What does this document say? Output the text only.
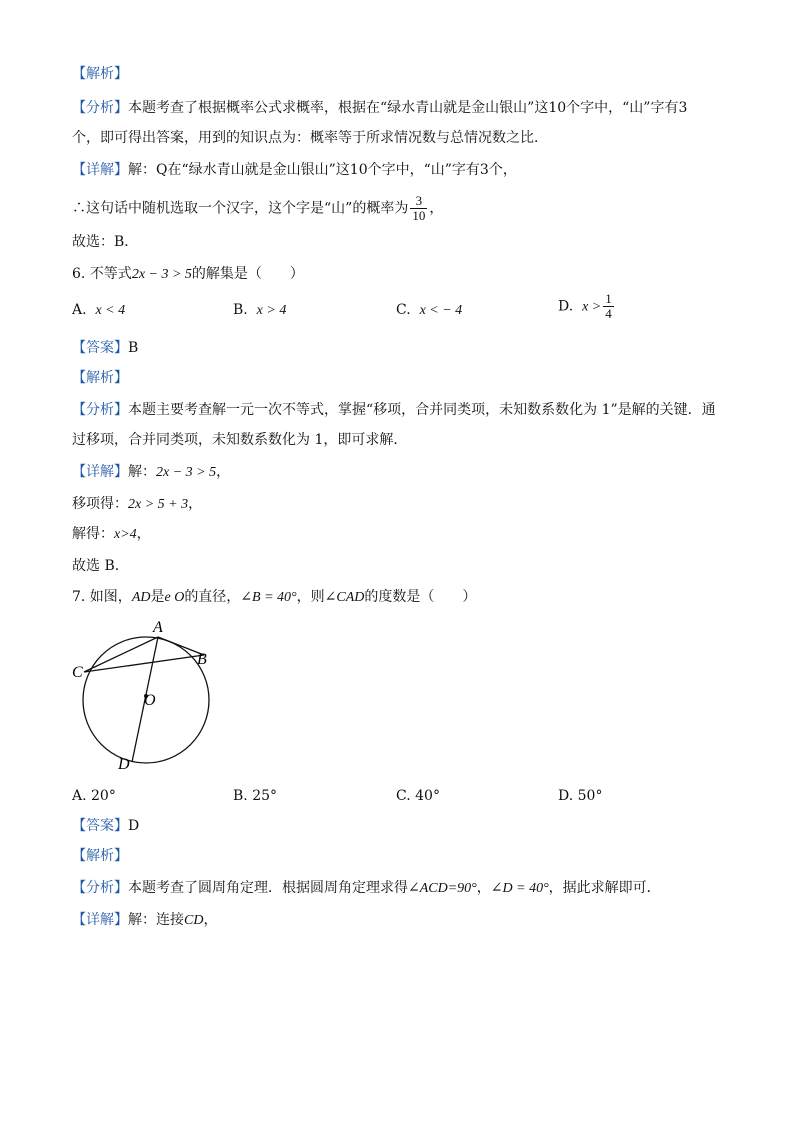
【解析】
【分析】本题考查了根据概率公式求概率，根据在“绿水青山就是金山银山”这10个字中，“山”字有3
个，即可得出答案，用到的知识点为：概率等于所求情况数与总情况数之比．
【详解】解：Q在“绿水青山就是金山银山”这10个字中，“山”字有3个，
∴这句话中随机选取一个汉字，这个字是“山”的概率为 $\frac{3}{10}$ ，
故选：B．
6. 不等式2x − 3 > 5的解集是（　　）
A. x < 4	B. x > 4	C. x < − 4	D. $x > \frac{1}{4}$
【答案】B
【解析】
【分析】本题主要考查解一元一次不等式，掌握“移项，合并同类项，未知数系数化为 1”是解的关键．通
过移项，合并同类项，未知数系数化为 1，即可求解．
【详解】解：2x − 3 > 5，
移项得：2x > 5 + 3，
解得：x>4，
故选 B．
7. 如图，AD是e O的直径，∠B = 40°，则∠CAD的度数是（　　）
A
B
C
O
D
A. 20°	B. 25°	C. 40°	D. 50°
【答案】D
【解析】
【分析】本题考查了圆周角定理．根据圆周角定理求得∠ACD=90°，∠D = 40°，据此求解即可．
【详解】解：连接CD，
